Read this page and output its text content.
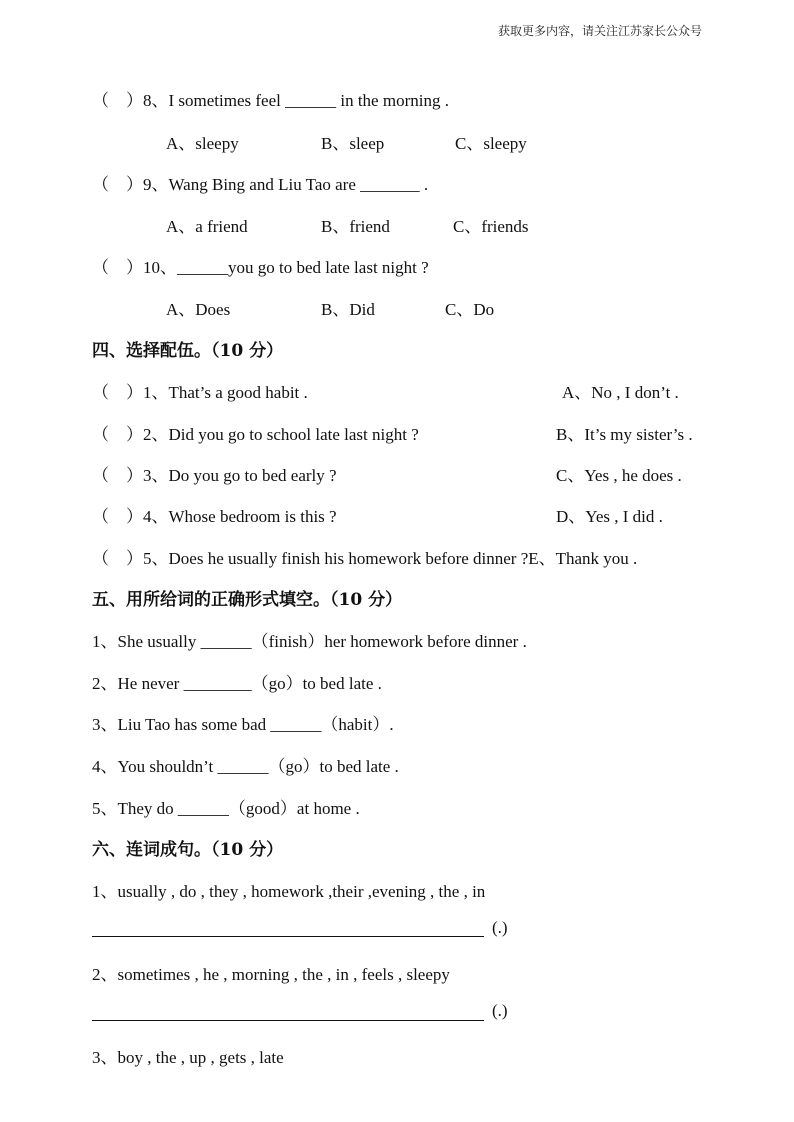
获取更多内容，请关注江苏家长公众号
（    ）8、I sometimes feel ______ in the morning .
A、sleepy	B、sleep	C、sleepy
（    ）9、Wang Bing and Liu Tao are _______ .
A、a friend	B、friend	C、friends
（    ）10、______you go to bed late last night ?
A、Does	B、Did	C、Do
四、选择配伍。（10 分）
（    ）1、That’s a good habit .	A、No , I don’t .
（    ）2、Did you go to school late last night ?	B、It’s my sister’s .
（    ）3、Do you go to bed early ?	C、Yes , he does .
（    ）4、Whose bedroom is this ?	D、Yes , I did .
（    ）5、Does he usually finish his homework before dinner ?E、Thank you .
五、用所给词的正确形式填空。（10 分）
1、She usually ______（finish）her homework before dinner .
2、He never ________（go）to bed late .
3、Liu Tao has some bad ______（habit）.
4、You shouldn’t ______（go）to bed late .
5、They do ______（good）at home .
六、连词成句。（10 分）
1、usually , do , they , homework ,their ,evening , the , in
(.)
2、sometimes , he , morning , the , in , feels , sleepy
(.)
3、boy , the , up , gets , late
